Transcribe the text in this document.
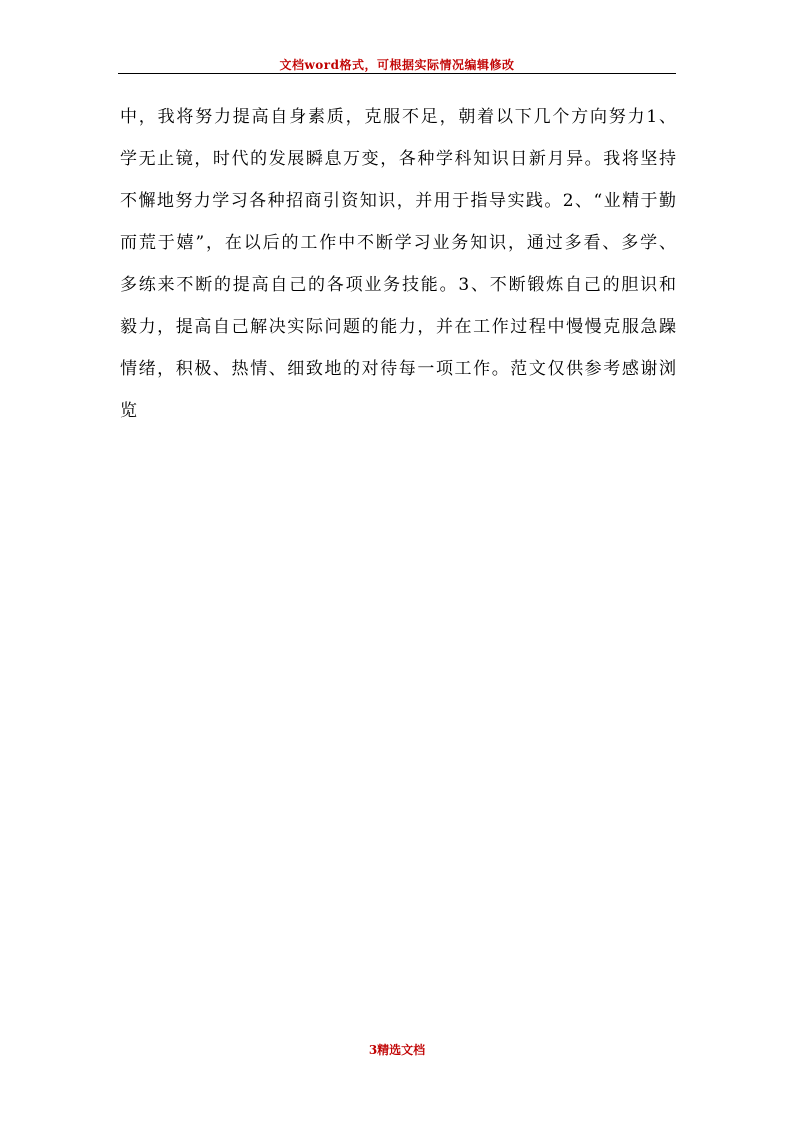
文档word格式，可根据实际情况编辑修改
中，我将努力提高自身素质，克服不足，朝着以下几个方向努力1、
学无止镜，时代的发展瞬息万变，各种学科知识日新月异。我将坚持
不懈地努力学习各种招商引资知识，并用于指导实践。2、“业精于勤
而荒于嬉”，在以后的工作中不断学习业务知识，通过多看、多学、
多练来不断的提高自己的各项业务技能。3、不断锻炼自己的胆识和
毅力，提高自己解决实际问题的能力，并在工作过程中慢慢克服急躁
情绪，积极、热情、细致地的对待每一项工作。范文仅供参考感谢浏
览
3精选文档
